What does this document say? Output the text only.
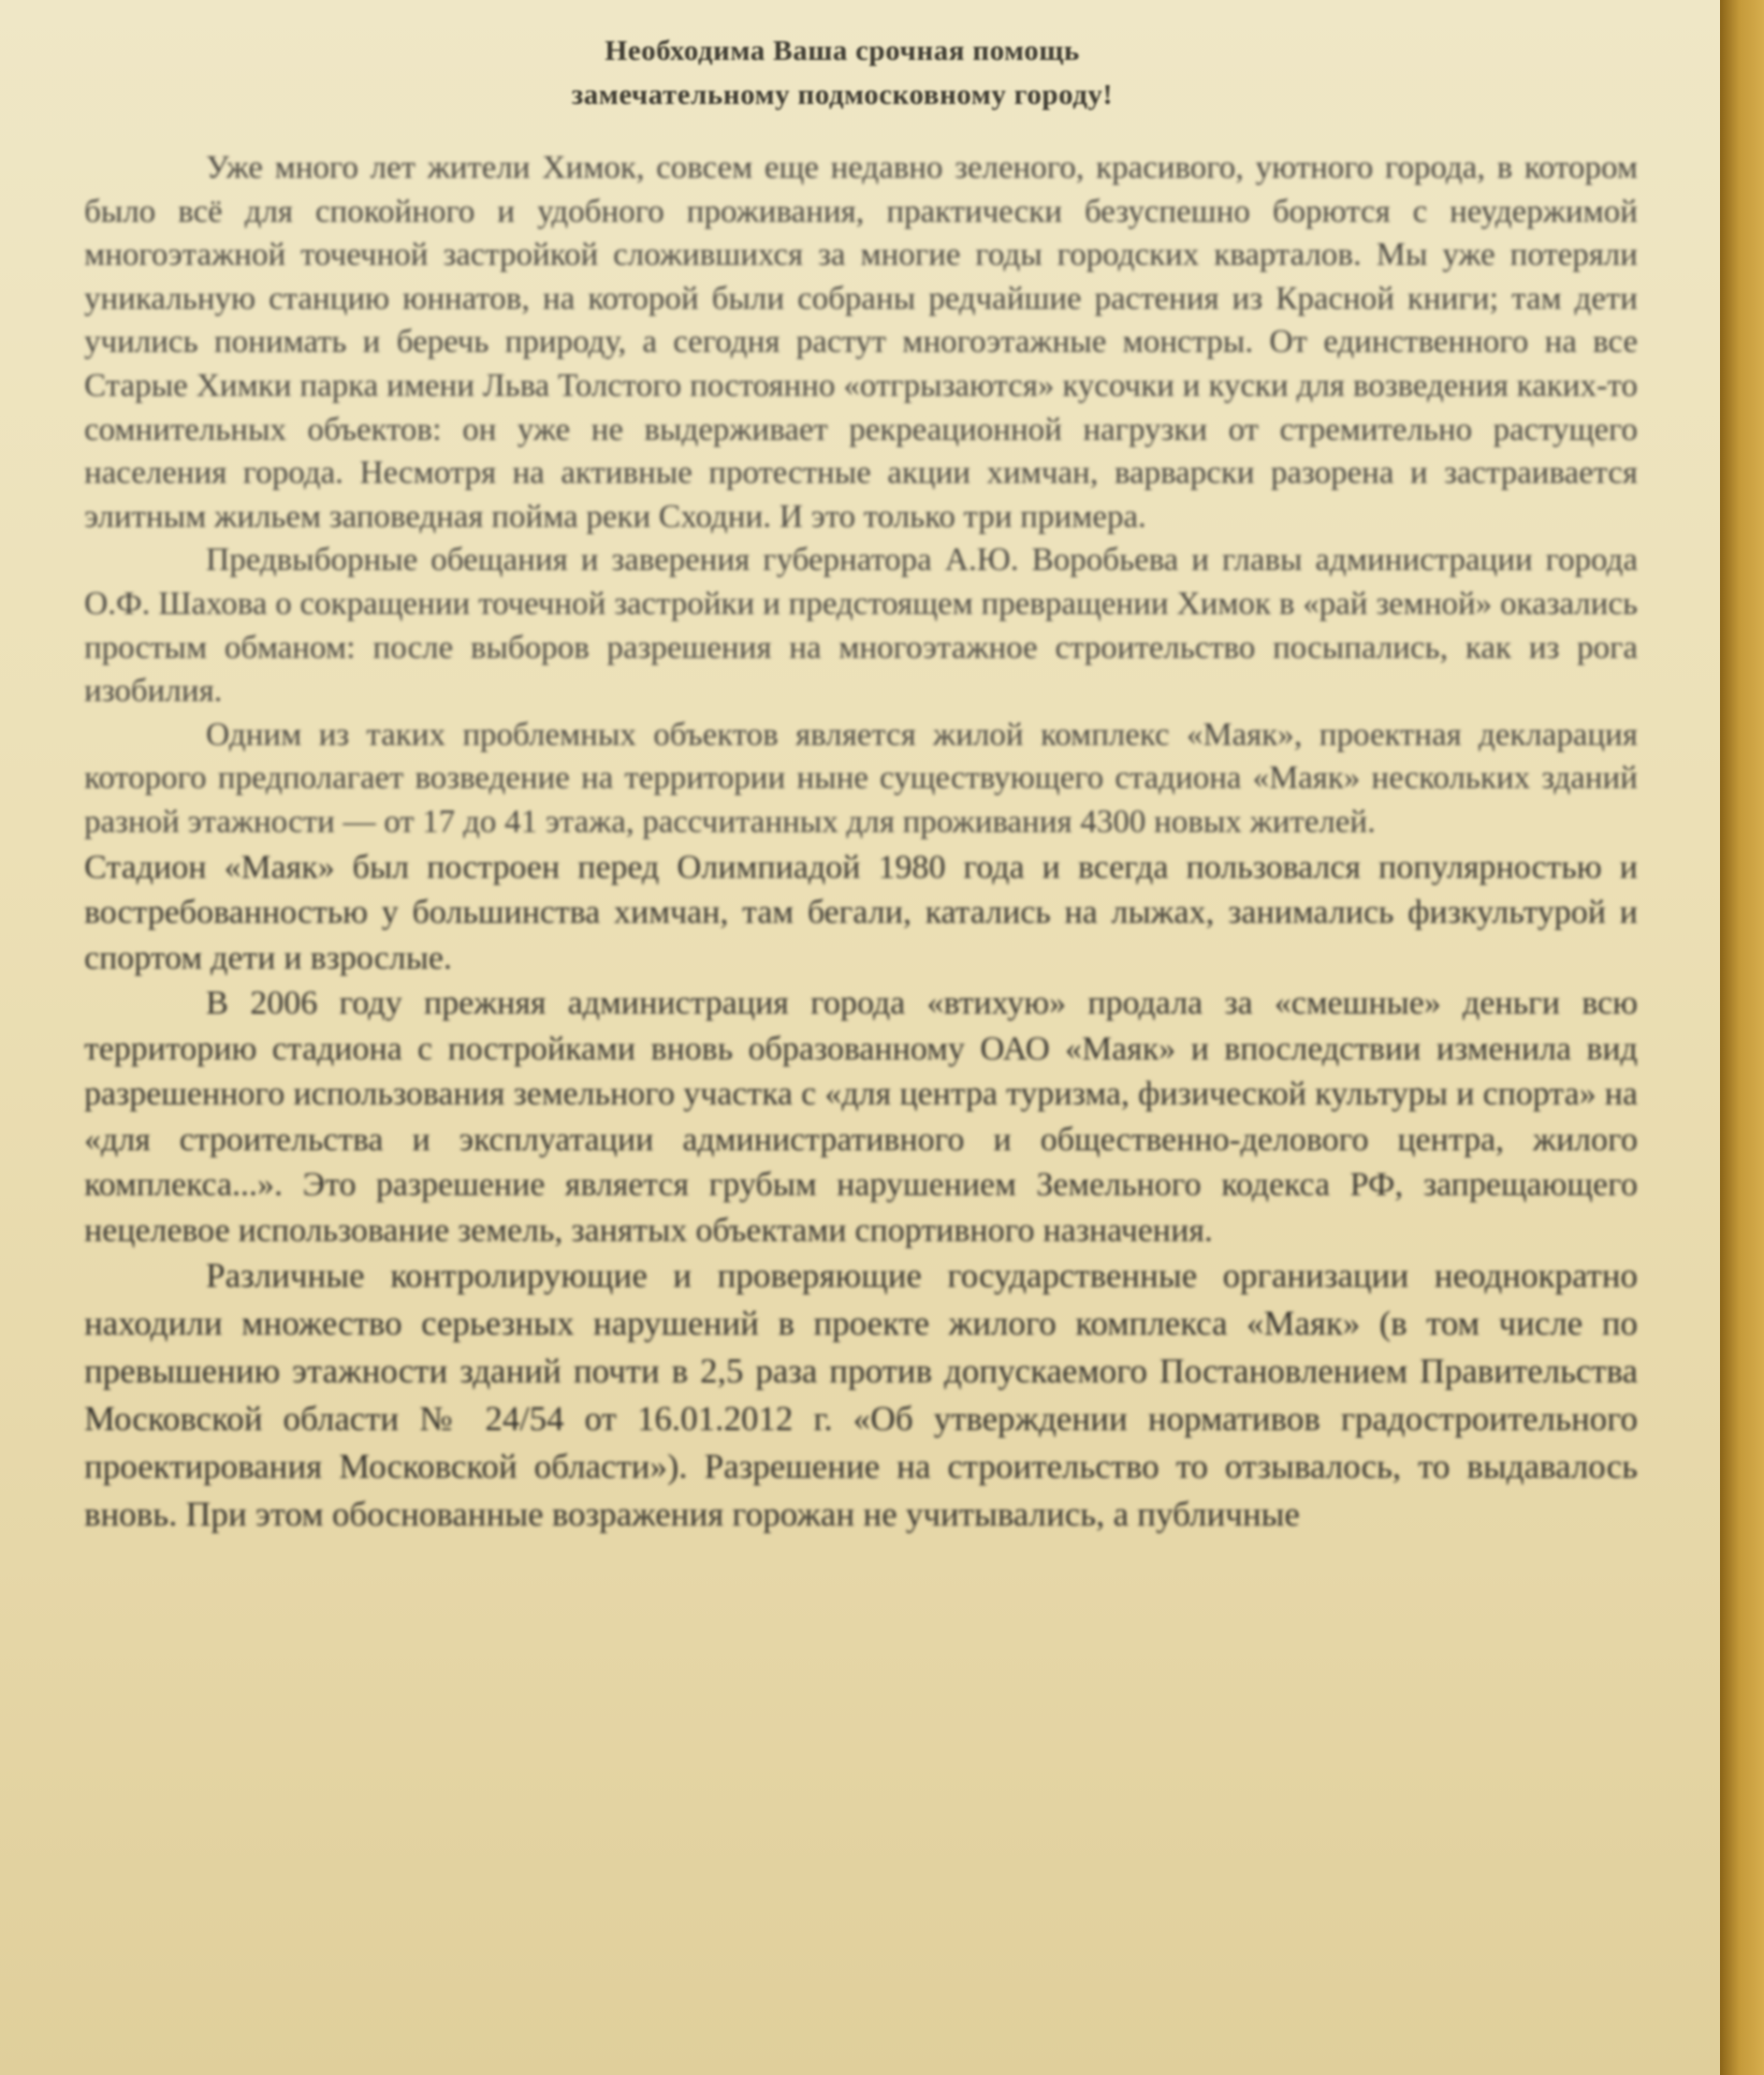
Необходима Ваша срочная помощь
замечательному подмосковному городу!

Уже много лет жители Химок, совсем еще недавно зеленого, красивого, уютного города, в котором было всё для спокойного и удобного проживания, практически безуспешно борются с неудержимой многоэтажной точечной застройкой сложившихся за многие годы городских кварталов. Мы уже потеряли уникальную станцию юннатов, на которой были собраны редчайшие растения из Красной книги; там дети учились понимать и беречь природу, а сегодня растут многоэтажные монстры. От единственного на все Старые Химки парка имени Льва Толстого постоянно «отгрызаются» кусочки и куски для возведения каких-то сомнительных объектов: он уже не выдерживает рекреационной нагрузки от стремительно растущего населения города. Несмотря на активные протестные акции химчан, варварски разорена и застраивается элитным жильем заповедная пойма реки Сходни. И это только три примера.

Предвыборные обещания и заверения губернатора А.Ю. Воробьева и главы администрации города О.Ф. Шахова о сокращении точечной застройки и предстоящем превращении Химок в «рай земной» оказались простым обманом: после выборов разрешения на многоэтажное строительство посыпались, как из рога изобилия.

Одним из таких проблемных объектов является жилой комплекс «Маяк», проектная декларация которого предполагает возведение на территории ныне существующего стадиона «Маяк» нескольких зданий разной этажности — от 17 до 41 этажа, рассчитанных для проживания 4300 новых жителей.

Стадион «Маяк» был построен перед Олимпиадой 1980 года и всегда пользовался популярностью и востребованностью у большинства химчан, там бегали, катались на лыжах, занимались физкультурой и спортом дети и взрослые.

В 2006 году прежняя администрация города «втихую» продала за «смешные» деньги всю территорию стадиона с постройками вновь образованному ОАО «Маяк» и впоследствии изменила вид разрешенного использования земельного участка с «для центра туризма, физической культуры и спорта» на «для строительства и эксплуатации административного и общественно-делового центра, жилого комплекса...». Это разрешение является грубым нарушением Земельного кодекса РФ, запрещающего нецелевое использование земель, занятых объектами спортивного назначения.

Различные контролирующие и проверяющие государственные организации неоднократно находили множество серьезных нарушений в проекте жилого комплекса «Маяк» (в том числе по превышению этажности зданий почти в 2,5 раза против допускаемого Постановлением Правительства Московской области № 24/54 от 16.01.2012 г. «Об утверждении нормативов градостроительного проектирования Московской области»). Разрешение на строительство то отзывалось, то выдавалось вновь. При этом обоснованные возражения горожан не учитывались, а публичные
